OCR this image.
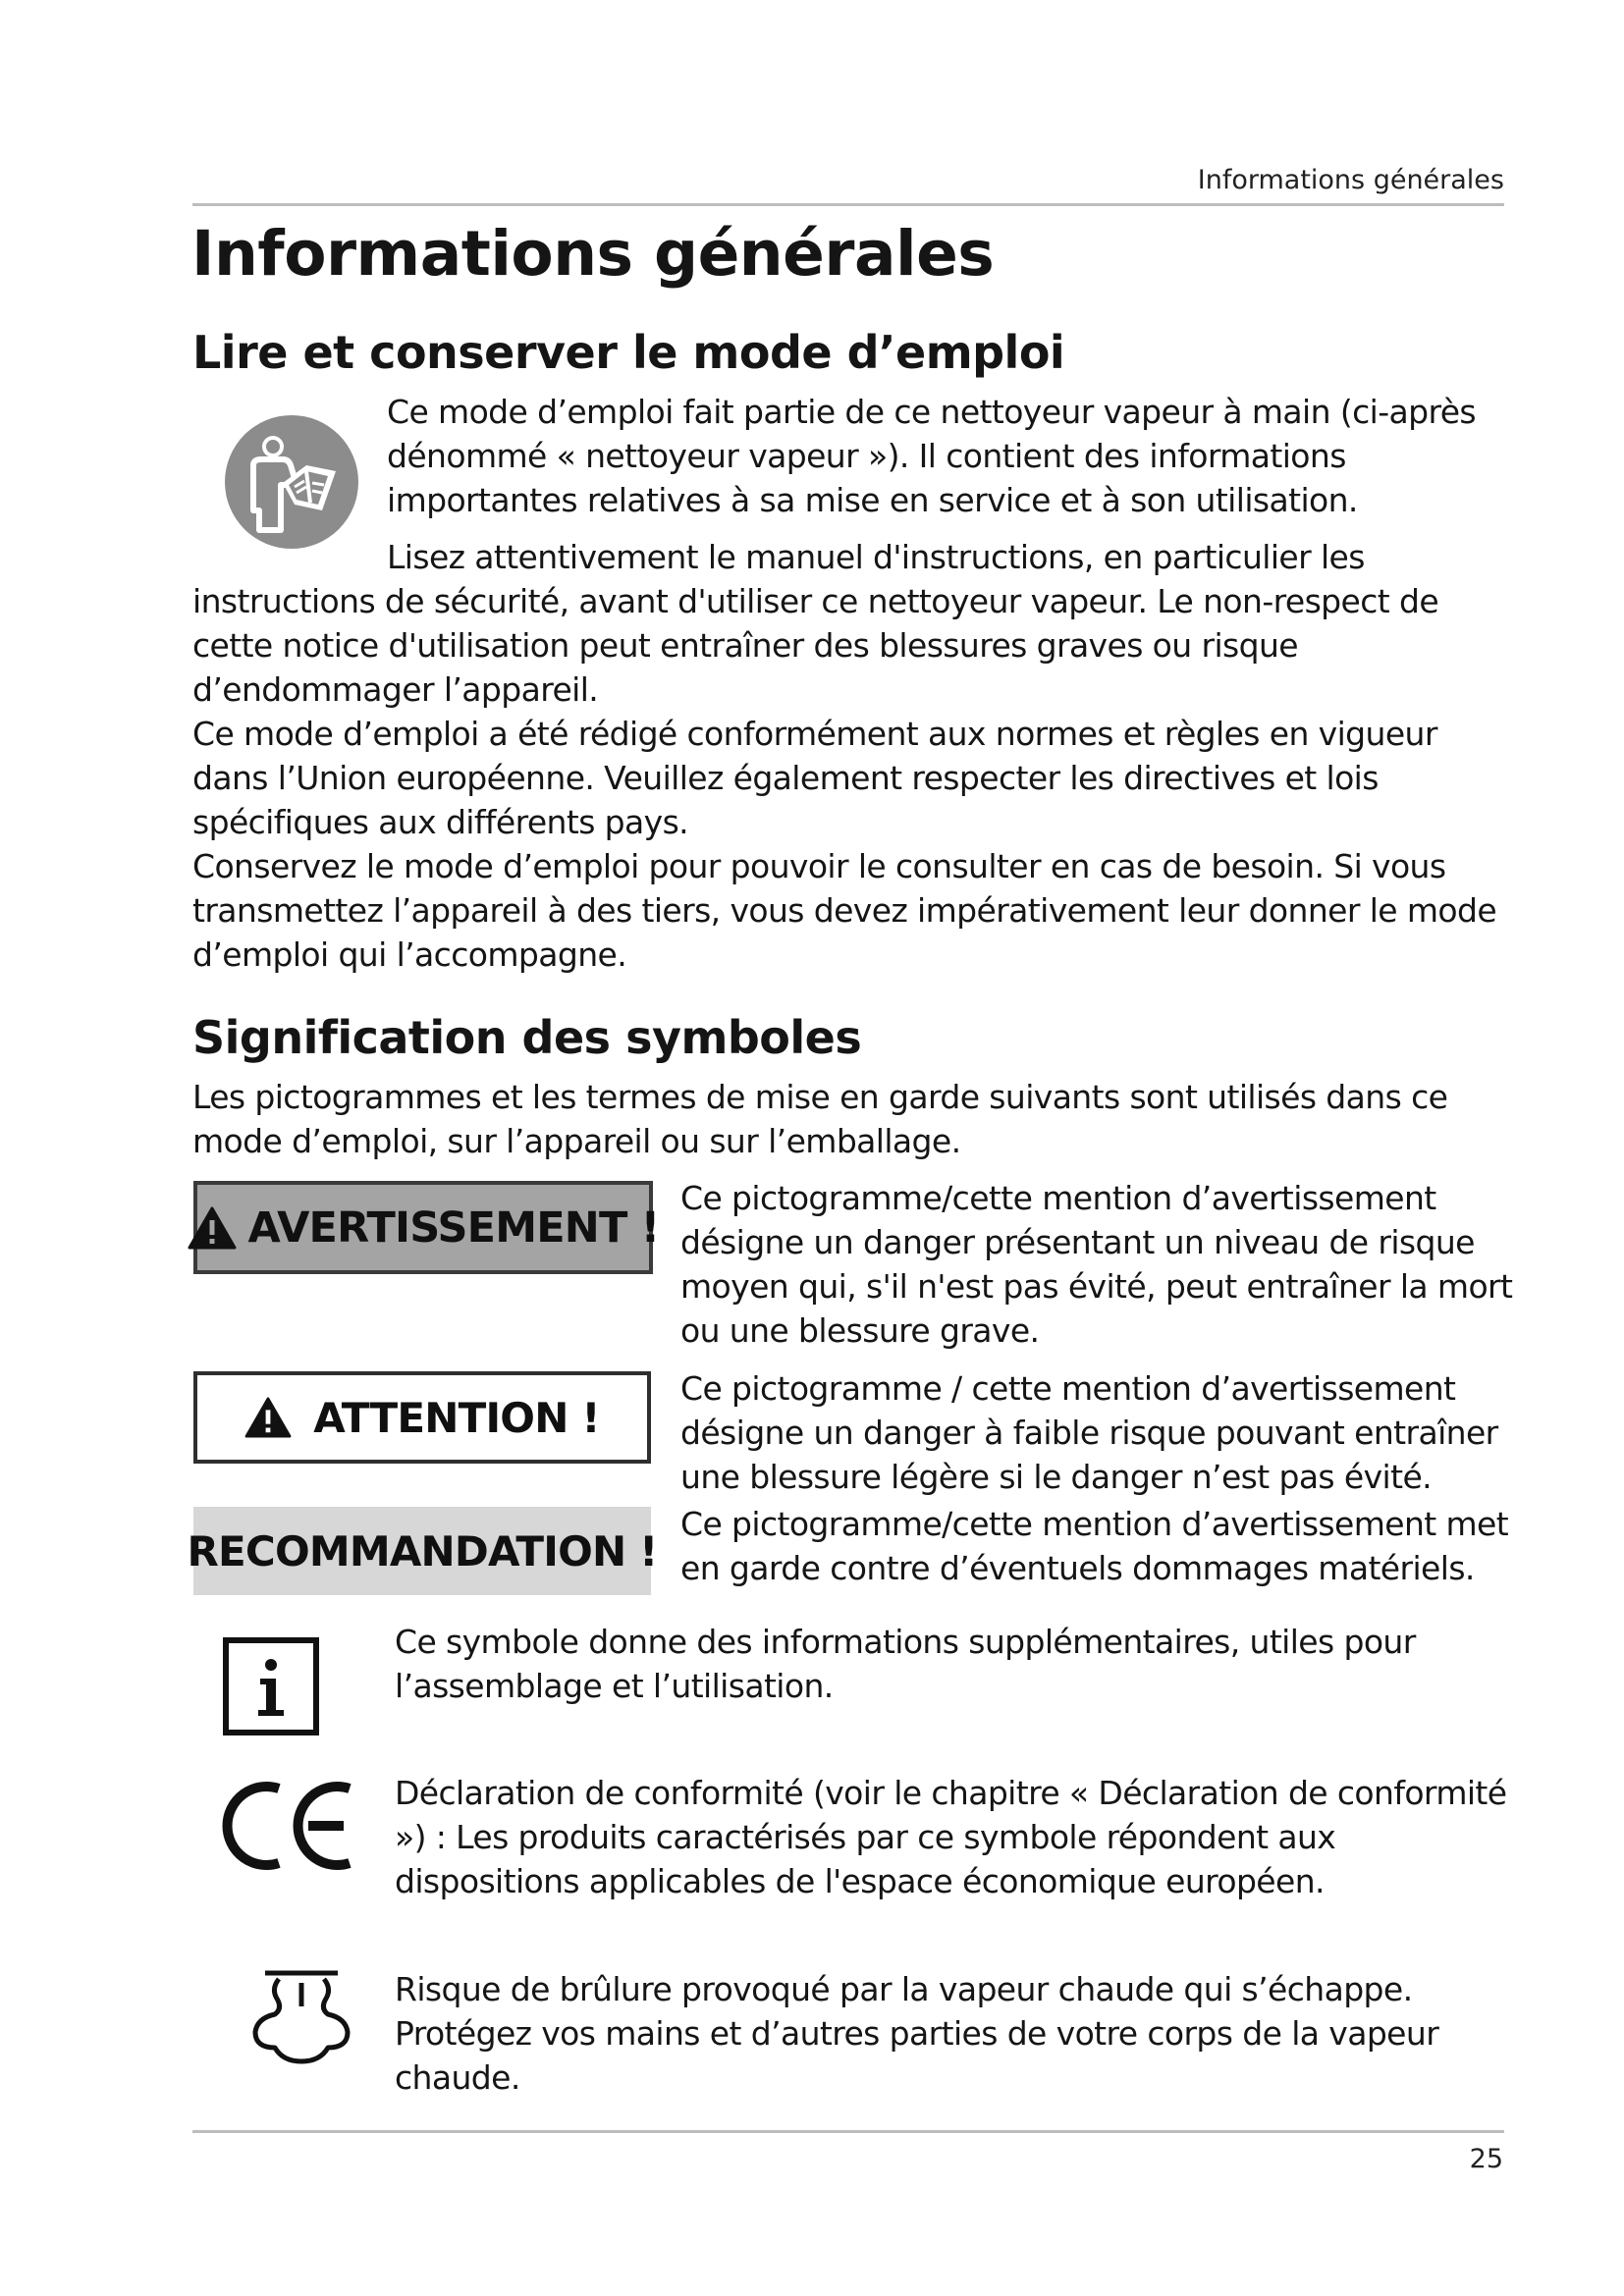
Informations générales
Informations générales
Lire et conserver le mode d’emploi
Ce mode d’emploi fait partie de ce nettoyeur vapeur à main (ci-après dénommé « nettoyeur vapeur »). Il contient des informations importantes relatives à sa mise en service et à son utilisation.
Lisez attentivement le manuel d'instructions, en particulier les
instructions de sécurité, avant d'utiliser ce nettoyeur vapeur. Le non-respect de cette notice d'utilisation peut entraîner des blessures graves ou risque d’endommager l’appareil.
Ce mode d’emploi a été rédigé conformément aux normes et règles en vigueur dans l’Union européenne. Veuillez également respecter les directives et lois spécifiques aux différents pays.
Conservez le mode d’emploi pour pouvoir le consulter en cas de besoin. Si vous transmettez l’appareil à des tiers, vous devez impérativement leur donner le mode d’emploi qui l’accompagne.
Signification des symboles
Les pictogrammes et les termes de mise en garde suivants sont utilisés dans ce mode d’emploi, sur l’appareil ou sur l’emballage.
AVERTISSEMENT !
Ce pictogramme/cette mention d’avertissement désigne un danger présentant un niveau de risque moyen qui, s'il n'est pas évité, peut entraîner la mort ou une blessure grave.
ATTENTION !
Ce pictogramme / cette mention d’avertissement désigne un danger à faible risque pouvant entraîner une blessure légère si le danger n’est pas évité.
RECOMMANDATION !
Ce pictogramme/cette mention d’avertissement met en garde contre d’éventuels dommages matériels.
Ce symbole donne des informations supplémentaires, utiles pour l’assemblage et l’utilisation.
Déclaration de conformité (voir le chapitre « Déclaration de conformité ») : Les produits caractérisés par ce symbole répondent aux dispositions applicables de l'espace économique européen.
Risque de brûlure provoqué par la vapeur chaude qui s’échappe. Protégez vos mains et d’autres parties de votre corps de la vapeur chaude.
25
